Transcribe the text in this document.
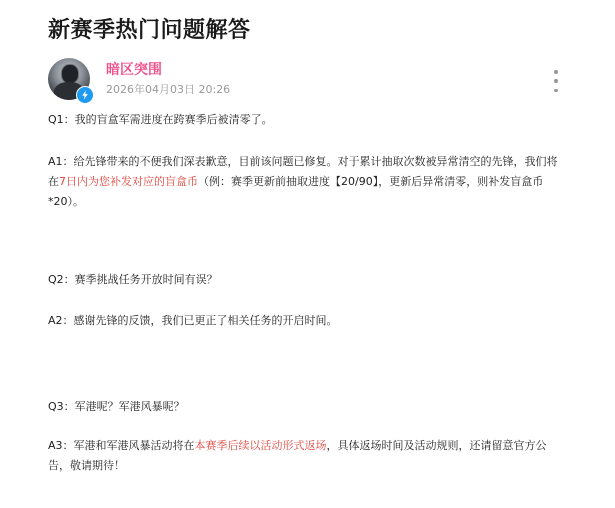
新赛季热门问题解答
暗区突围
2026年04月03日 20:26
Q1：我的盲盒军需进度在跨赛季后被清零了。
A1：给先锋带来的不便我们深表歉意，目前该问题已修复。对于累计抽取次数被异常清空的先锋，我们将在7日内为您补发对应的盲盒币（例：赛季更新前抽取进度【20/90】，更新后异常清零，则补发盲盒币*20）。
Q2：赛季挑战任务开放时间有误？
A2：感谢先锋的反馈，我们已更正了相关任务的开启时间。
Q3：军港呢？军港风暴呢？
A3：军港和军港风暴活动将在本赛季后续以活动形式返场，具体返场时间及活动规则，还请留意官方公告，敬请期待！
